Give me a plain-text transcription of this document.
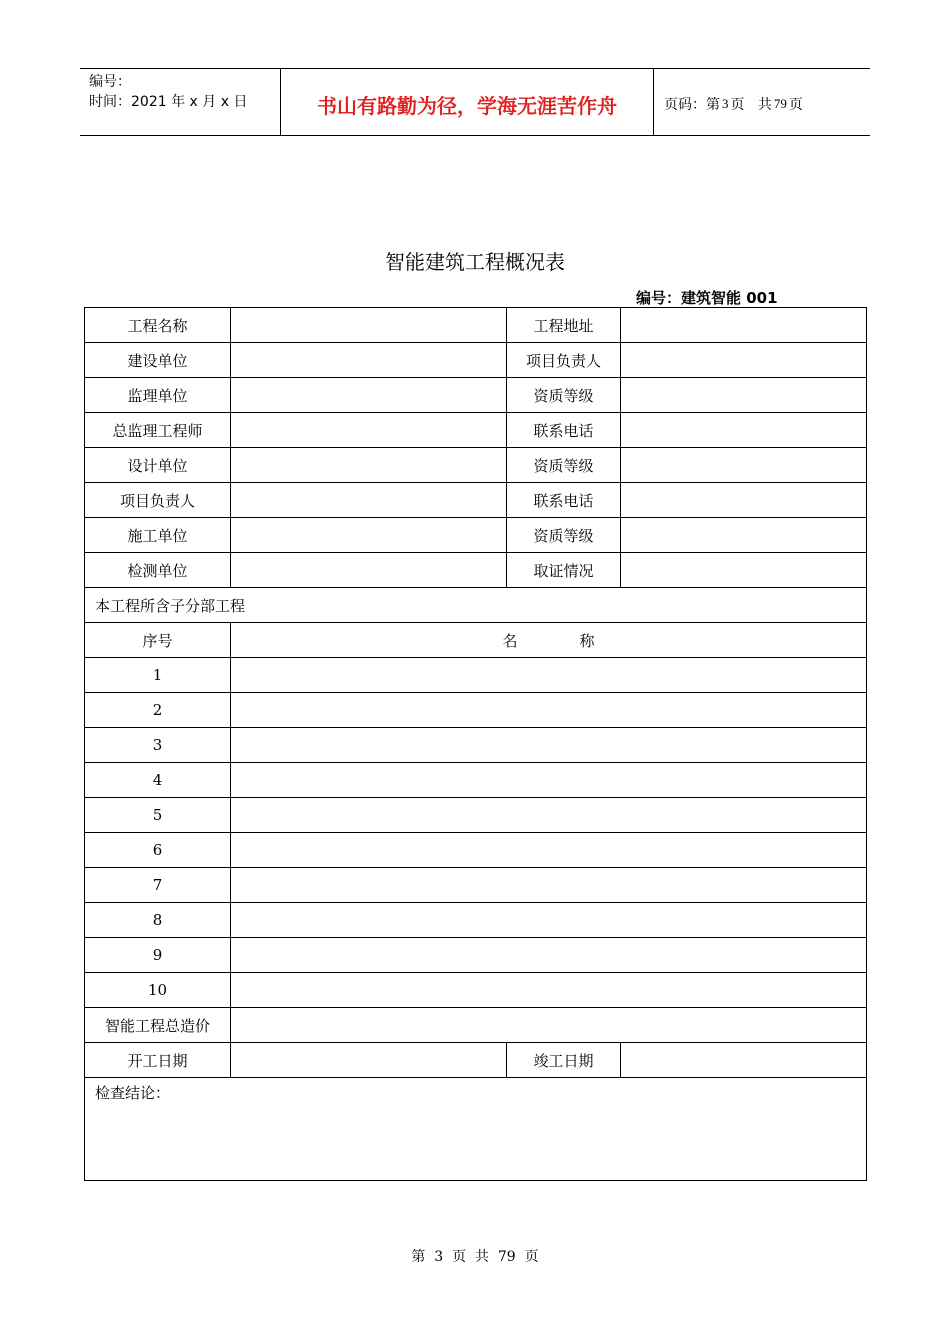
编号：
时间：2021 年 x 月 x 日	书山有路勤为径，学海无涯苦作舟	页码：第 3 页   共 79 页
智能建筑工程概况表
编号：建筑智能 001
工程名称		工程地址	
建设单位		项目负责人	
监理单位		资质等级	
总监理工程师		联系电话	
设计单位		资质等级	
项目负责人		联系电话	
施工单位		资质等级	
检测单位		取证情况	
本工程所含子分部工程			
序号	名 称		
1			
2			
3			
4			
5			
6			
7			
8			
9			
10			
智能工程总造价			
开工日期		竣工日期	
检查结论：			
第  3  页  共  79  页
